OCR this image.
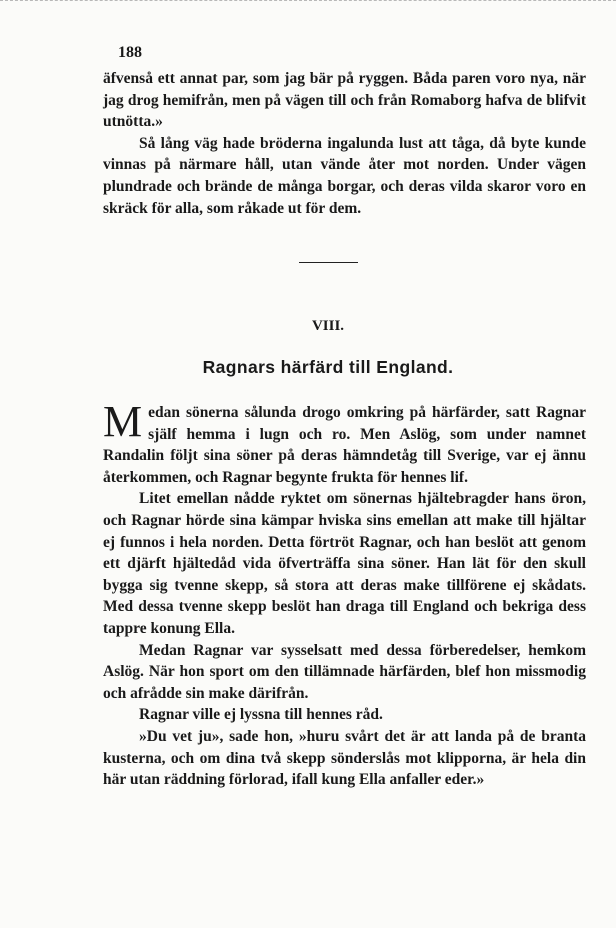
188

äfvenså ett annat par, som jag bär på ryggen. Båda paren voro nya, när jag drog hemifrån, men på vägen till och från Romaborg hafva de blifvit utnötta.»

Så lång väg hade bröderna ingalunda lust att tåga, då byte kunde vinnas på närmare håll, utan vände åter mot norden. Under vägen plundrade och brände de många borgar, och deras vilda skaror voro en skräck för alla, som råkade ut för dem.

VIII.
Ragnars härfärd till England.

Medan sönerna sålunda drogo omkring på härfärder, satt Ragnar själf hemma i lugn och ro. Men Aslög, som under namnet Randalin följt sina söner på deras hämndetåg till Sverige, var ej ännu återkommen, och Ragnar begynte frukta för hennes lif.

Litet emellan nådde ryktet om sönernas hjältebragder hans öron, och Ragnar hörde sina kämpar hviska sins emellan att make till hjältar ej funnos i hela norden. Detta förtröt Ragnar, och han beslöt att genom ett djärft hjältedåd vida öfverträffa sina söner. Han lät för den skull bygga sig tvenne skepp, så stora att deras make tillförene ej skådats. Med dessa tvenne skepp beslöt han draga till England och bekriga dess tappre konung Ella.

Medan Ragnar var sysselsatt med dessa förberedelser, hemkom Aslög. När hon sport om den tillämnade härfärden, blef hon missmodig och afrådde sin make därifrån.

Ragnar ville ej lyssna till hennes råd.

»Du vet ju», sade hon, »huru svårt det är att landa på de branta kusterna, och om dina två skepp sönderslås mot klipporna, är hela din här utan räddning förlorad, ifall kung Ella anfaller eder.»
